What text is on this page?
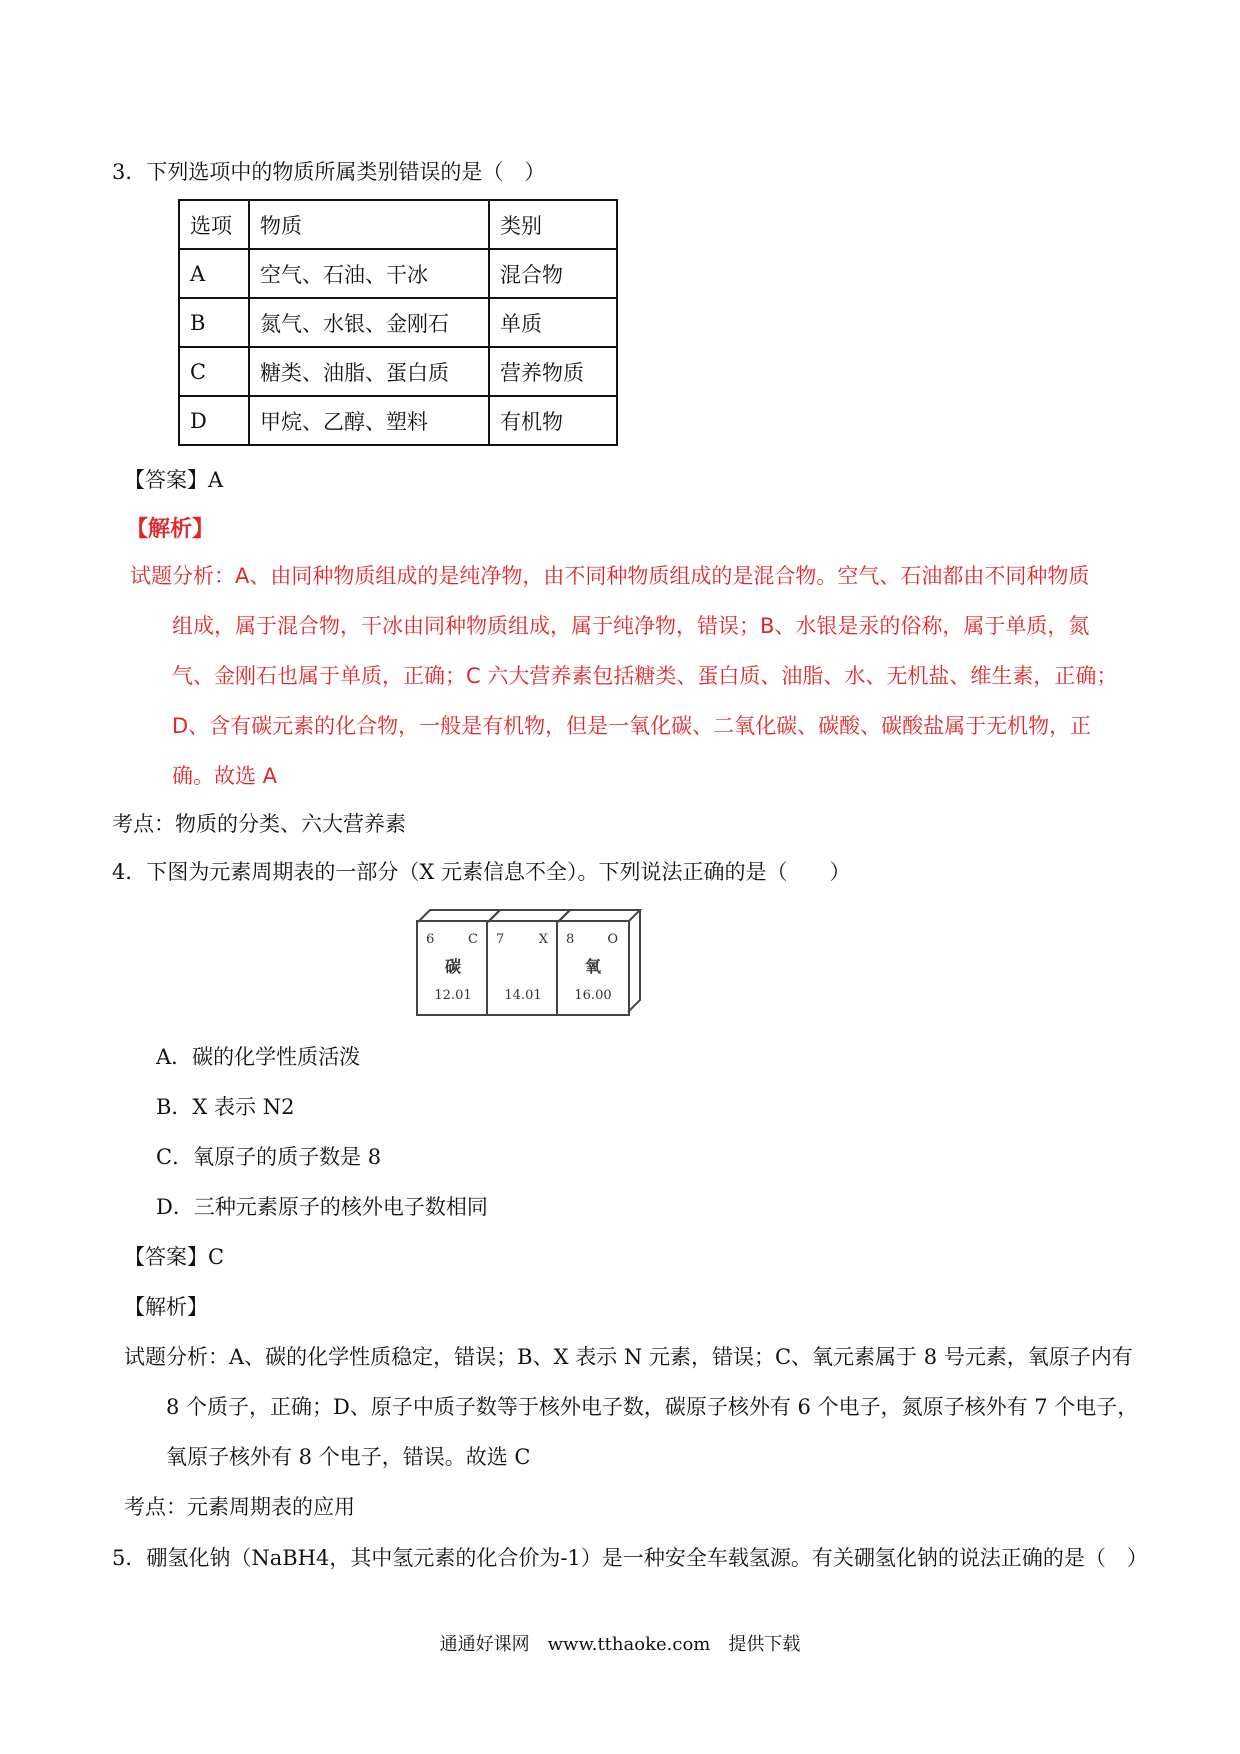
3．下列选项中的物质所属类别错误的是（　）
选项	物质	类别
A	空气、石油、干冰	混合物
B	氮气、水银、金刚石	单质
C	糖类、油脂、蛋白质	营养物质
D	甲烷、乙醇、塑料	有机物
【答案】A
【解析】
试题分析：A、由同种物质组成的是纯净物，由不同种物质组成的是混合物。空气、石油都由不同种物质
组成，属于混合物，干冰由同种物质组成，属于纯净物，错误；B、水银是汞的俗称，属于单质，氮
气、金刚石也属于单质，正确；C 六大营养素包括糖类、蛋白质、油脂、水、无机盐、维生素，正确；
D、含有碳元素的化合物，一般是有机物，但是一氧化碳、二氧化碳、碳酸、碳酸盐属于无机物，正
确。故选 A
考点：物质的分类、六大营养素
4．下图为元素周期表的一部分（X 元素信息不全）。下列说法正确的是（　　）
6	C
碳
12.01
7	X
14.01
8	O
氧
16.00
A．碳的化学性质活泼
B．X 表示 N2
C．氧原子的质子数是 8
D．三种元素原子的核外电子数相同
【答案】C
【解析】
试题分析：A、碳的化学性质稳定，错误；B、X 表示 N 元素，错误；C、氧元素属于 8 号元素，氧原子内有
8 个质子，正确；D、原子中质子数等于核外电子数，碳原子核外有 6 个电子，氮原子核外有 7 个电子，
氧原子核外有 8 个电子，错误。故选 C
考点：元素周期表的应用
5．硼氢化钠（NaBH4，其中氢元素的化合价为-1）是一种安全车载氢源。有关硼氢化钠的说法正确的是（　）
通通好课网　www.tthaoke.com　提供下载
